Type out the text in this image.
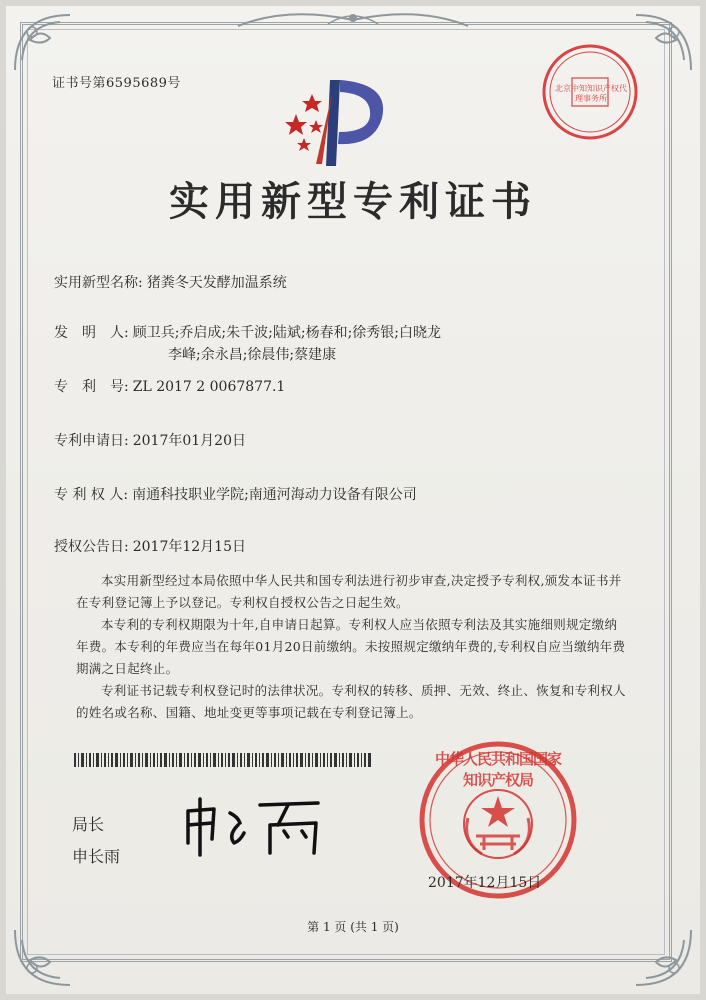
证书号第6595689号	北京中知知识产权代理事务所
实用新型专利证书
实用新型名称: 猪粪冬天发酵加温系统
发　明　人: 顾卫兵;乔启成;朱千波;陆斌;杨春和;徐秀银;白晓龙
李峰;余永昌;徐晨伟;蔡建康
专　利　号: ZL 2017 2 0067877.1
专利申请日: 2017年01月20日
专 利 权 人: 南通科技职业学院;南通河海动力设备有限公司
授权公告日: 2017年12月15日
本实用新型经过本局依照中华人民共和国专利法进行初步审查,决定授予专利权,颁发本证书并在专利登记簿上予以登记。专利权自授权公告之日起生效。
本专利的专利权期限为十年,自申请日起算。专利权人应当依照专利法及其实施细则规定缴纳年费。本专利的年费应当在每年01月20日前缴纳。未按照规定缴纳年费的,专利权自应当缴纳年费期满之日起终止。
专利证书记载专利权登记时的法律状况。专利权的转移、质押、无效、终止、恢复和专利权人的姓名或名称、国籍、地址变更等事项记载在专利登记簿上。
局长
申长雨
中华人民共和国国家知识产权局
2017年12月15日
第 1 页 (共 1 页)
